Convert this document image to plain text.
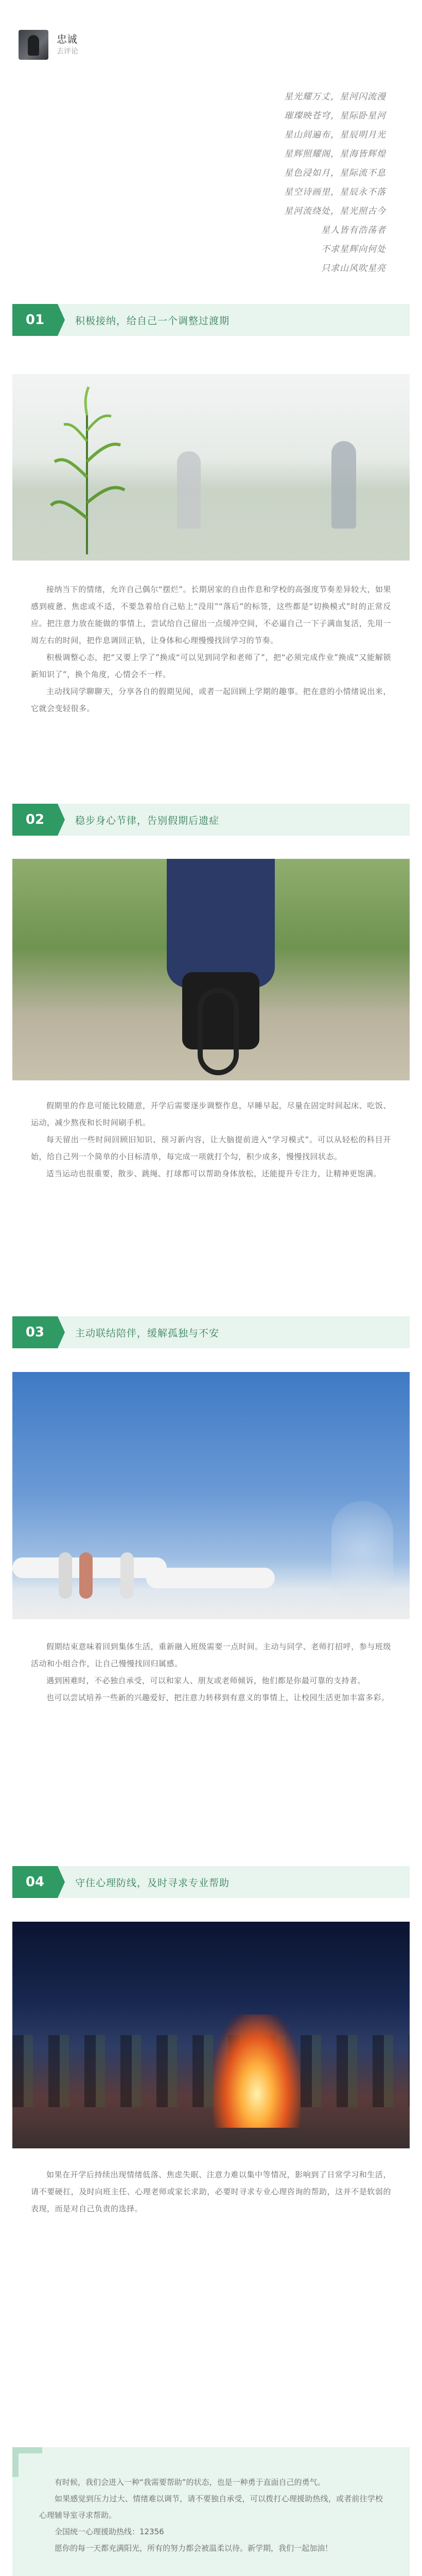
忠诚
去评论
星光耀万丈，星河闪流漫
璀璨映苍穹，星际卧星河
星山间遍布，星辰明月光
星辉照耀阁，星海皆辉煌
星色浸如月，星际流不息
星空诗画里，星辰永不落
星河流绕处，星光照古今
星人皆有浩荡者
不求星辉向何处
只求山风吹星亮
01	积极接纳，给自己一个调整过渡期

接纳当下的情绪，允许自己偶尔“摆烂”。长期居家的自由作息和学校的高强度节奏差异较大，如果感到疲惫、焦虑或不适，不要急着给自己贴上“没用”“落后”的标签，这些都是“切换模式”时的正常反应。把注意力放在能做的事情上，尝试给自己留出一点缓冲空间，不必逼自己一下子满血复活，先用一周左右的时间，把作息调回正轨，让身体和心理慢慢找回学习的节奏。

积极调整心态，把“又要上学了”换成“可以见到同学和老师了”，把“必须完成作业”换成“又能解锁新知识了”，换个角度，心情会不一样。

主动找同学聊聊天，分享各自的假期见闻，或者一起回顾上学期的趣事。把在意的小情绪说出来，它就会变轻很多。

02	稳步身心节律，告别假期后遗症

假期里的作息可能比较随意，开学后需要逐步调整作息，早睡早起，尽量在固定时间起床、吃饭、运动，减少熬夜和长时间刷手机。

每天留出一些时间回顾旧知识、预习新内容，让大脑提前进入“学习模式”。可以从轻松的科目开始，给自己列一个简单的小目标清单，每完成一项就打个勾，积少成多，慢慢找回状态。

适当运动也很重要，散步、跳绳、打球都可以帮助身体放松，还能提升专注力，让精神更饱满。

03	主动联结陪伴，缓解孤独与不安

假期结束意味着回到集体生活，重新融入班级需要一点时间。主动与同学、老师打招呼，参与班级活动和小组合作，让自己慢慢找回归属感。

遇到困难时，不必独自承受，可以和家人、朋友或老师倾诉，他们都是你最可靠的支持者。

也可以尝试培养一些新的兴趣爱好，把注意力转移到有意义的事情上，让校园生活更加丰富多彩。

04	守住心理防线，及时寻求专业帮助

如果在开学后持续出现情绪低落、焦虑失眠、注意力难以集中等情况，影响到了日常学习和生活，请不要硬扛，及时向班主任、心理老师或家长求助，必要时寻求专业心理咨询的帮助，这并不是软弱的表现，而是对自己负责的选择。

有时候，我们会进入一种“我需要帮助”的状态，也是一种勇于直面自己的勇气。

如果感觉到压力过大、情绪难以调节，请不要独自承受，可以拨打心理援助热线，或者前往学校心理辅导室寻求帮助。

全国统一心理援助热线：12356

愿你的每一天都充满阳光，所有的努力都会被温柔以待。新学期，我们一起加油！
